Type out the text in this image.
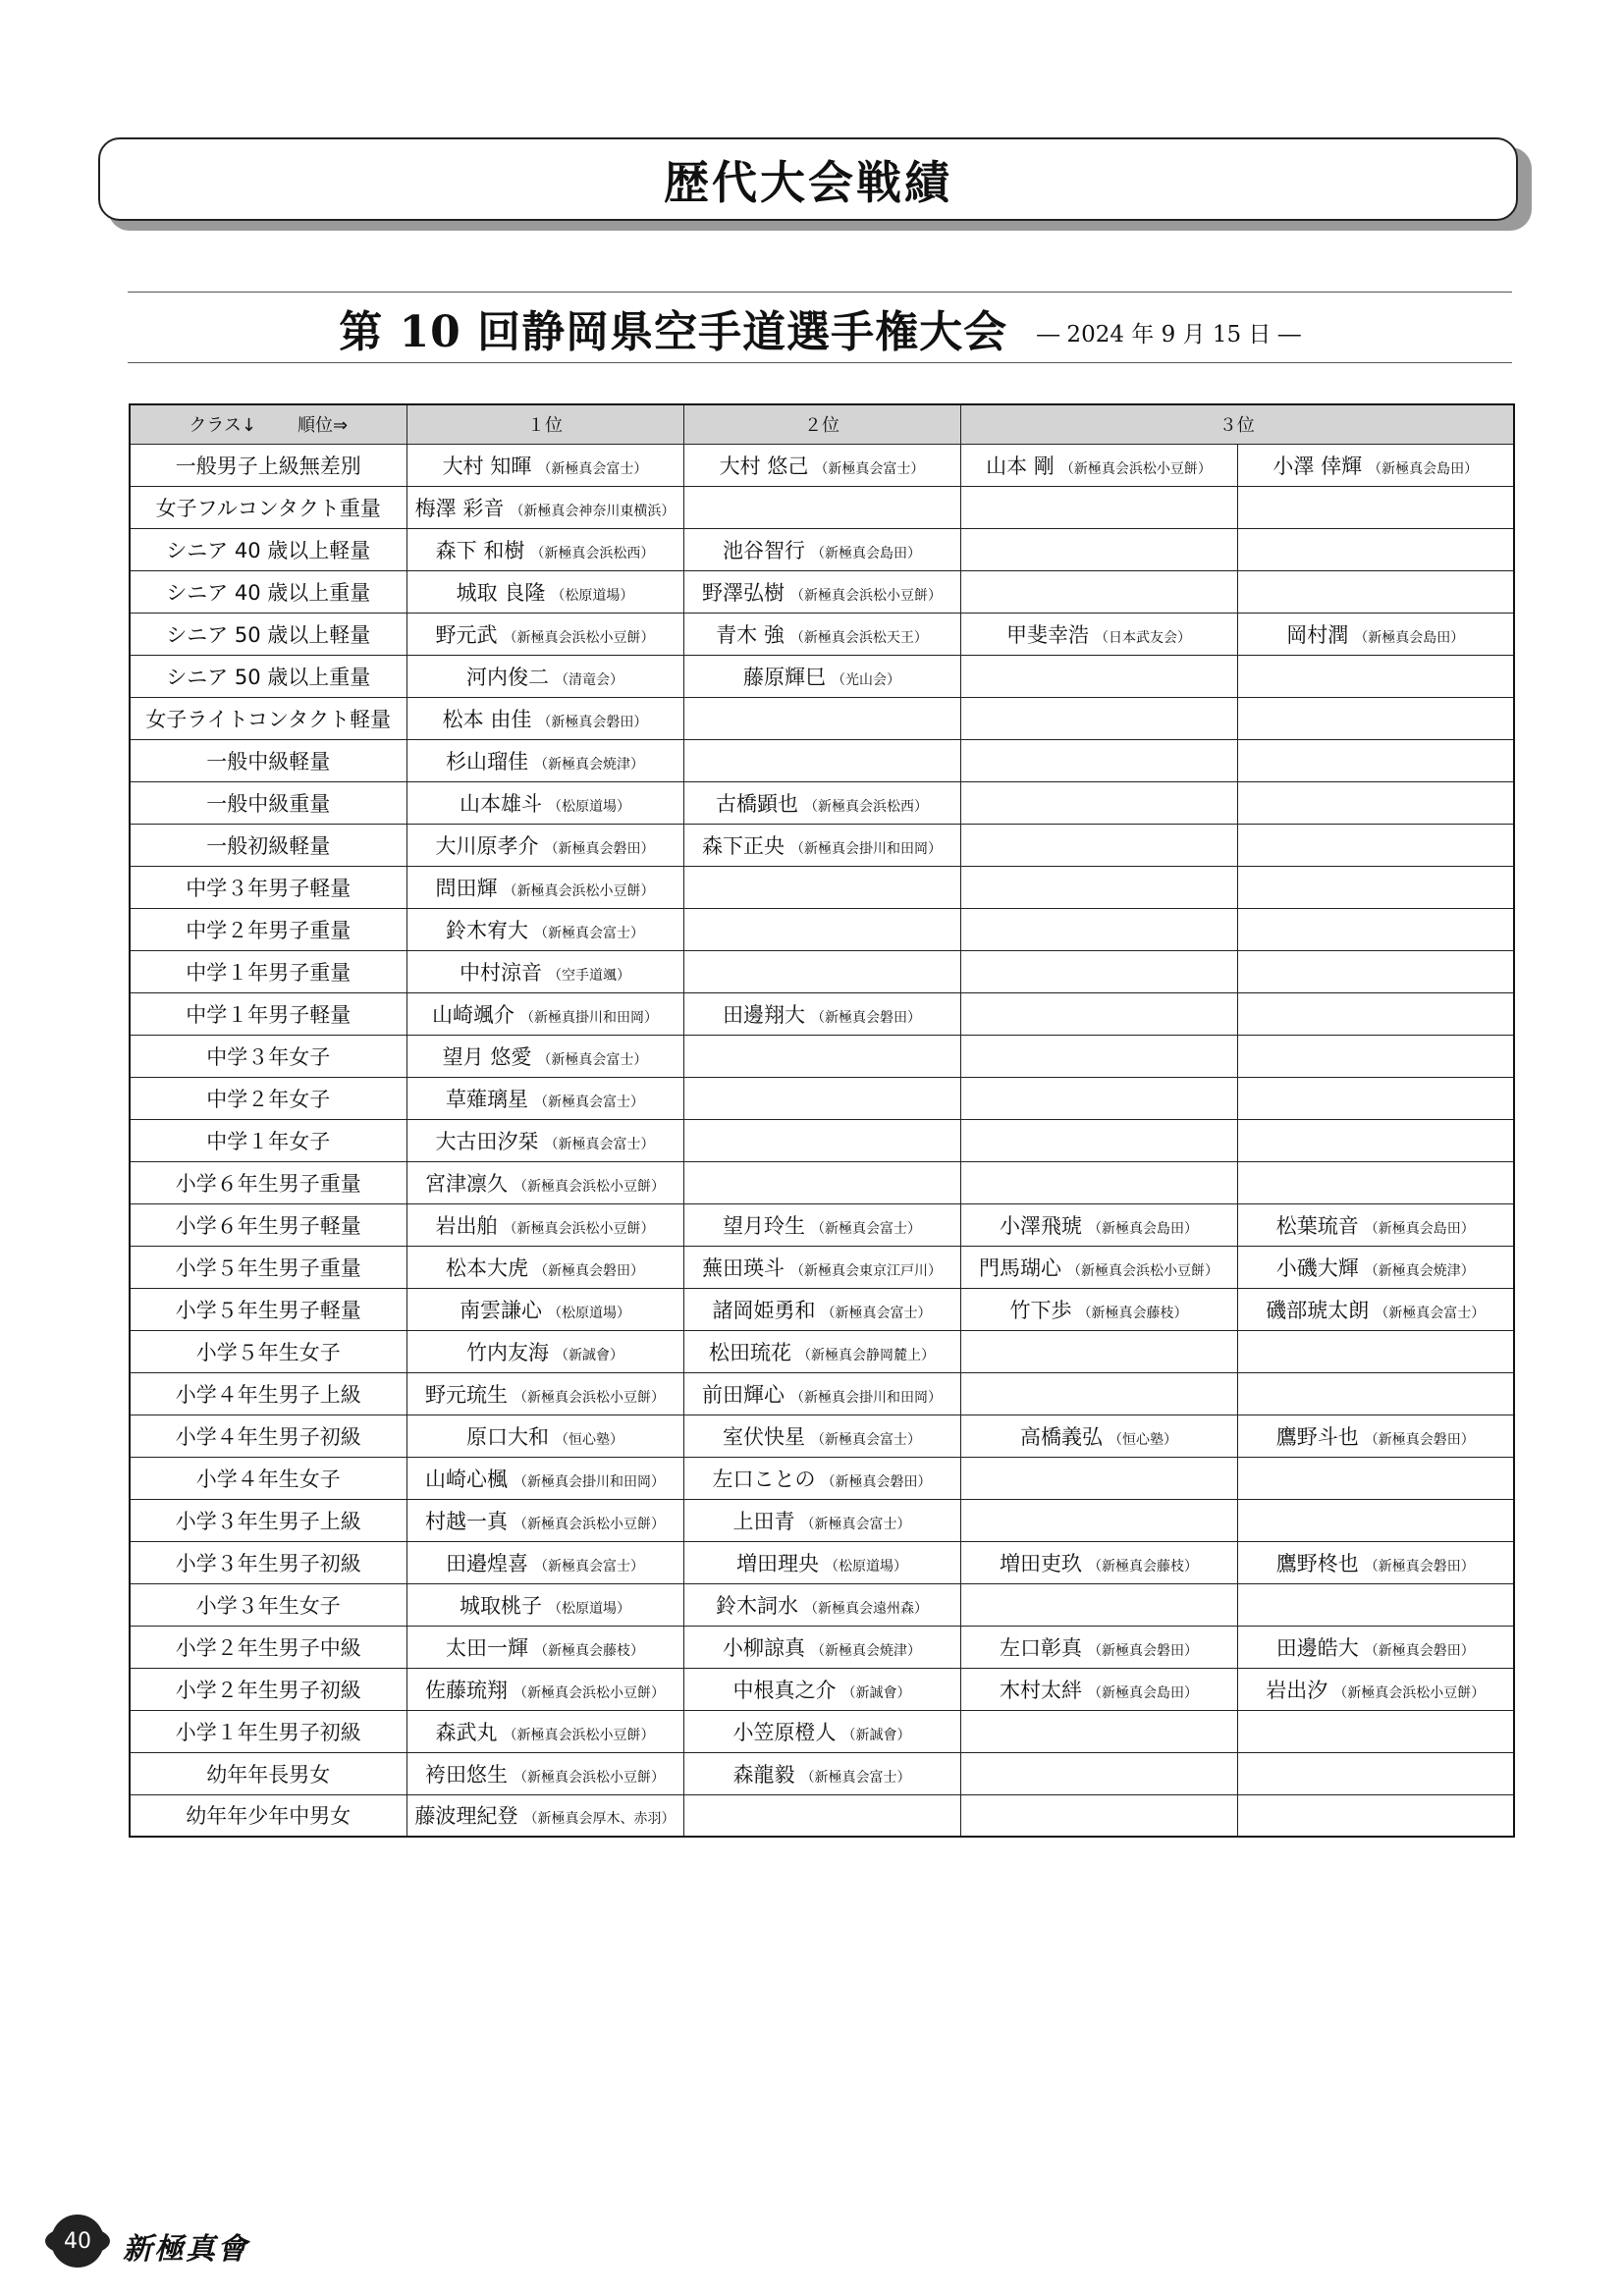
歴代大会戦績
第 10 回静岡県空手道選手権大会 ― 2024 年 9 月 15 日 ―
クラス↓ 順位⇒	１位	２位	３位	
一般男子上級無差別	大村 知暉 （新極真会富士）	大村 悠己 （新極真会富士）	山本 剛 （新極真会浜松小豆餅）	小澤 倖輝 （新極真会島田）
女子フルコンタクト重量	梅澤 彩音 （新極真会神奈川東横浜）			
シニア 40 歳以上軽量	森下 和樹 （新極真会浜松西）	池谷智行 （新極真会島田）		
シニア 40 歳以上重量	城取 良隆 （松原道場）	野澤弘樹 （新極真会浜松小豆餅）		
シニア 50 歳以上軽量	野元武 （新極真会浜松小豆餅）	青木 強 （新極真会浜松天王）	甲斐幸浩 （日本武友会）	岡村潤 （新極真会島田）
シニア 50 歳以上重量	河内俊二 （清竜会）	藤原輝巳 （光山会）		
女子ライトコンタクト軽量	松本 由佳 （新極真会磐田）			
一般中級軽量	杉山瑠佳 （新極真会焼津）			
一般中級重量	山本雄斗 （松原道場）	古橋顕也 （新極真会浜松西）		
一般初級軽量	大川原孝介 （新極真会磐田）	森下正央 （新極真会掛川和田岡）		
中学３年男子軽量	問田輝 （新極真会浜松小豆餅）			
中学２年男子重量	鈴木宥大 （新極真会富士）			
中学１年男子重量	中村涼音 （空手道颯）			
中学１年男子軽量	山崎颯介 （新極真掛川和田岡）	田邊翔大 （新極真会磐田）		
中学３年女子	望月 悠愛 （新極真会富士）			
中学２年女子	草薙璃星 （新極真会富士）			
中学１年女子	大古田汐栞 （新極真会富士）			
小学６年生男子重量	宮津凛久 （新極真会浜松小豆餅）			
小学６年生男子軽量	岩出舶 （新極真会浜松小豆餅）	望月玲生 （新極真会富士）	小澤飛琥 （新極真会島田）	松葉琉音 （新極真会島田）
小学５年生男子重量	松本大虎 （新極真会磐田）	蕪田瑛斗 （新極真会東京江戸川）	門馬瑚心 （新極真会浜松小豆餅）	小磯大輝 （新極真会焼津）
小学５年生男子軽量	南雲謙心 （松原道場）	諸岡姫勇和 （新極真会富士）	竹下歩 （新極真会藤枝）	磯部琥太朗 （新極真会富士）
小学５年生女子	竹内友海 （新誠會）	松田琉花 （新極真会静岡麓上）		
小学４年生男子上級	野元琉生 （新極真会浜松小豆餅）	前田輝心 （新極真会掛川和田岡）		
小学４年生男子初級	原口大和 （恒心塾）	室伏快星 （新極真会富士）	高橋義弘 （恒心塾）	鷹野斗也 （新極真会磐田）
小学４年生女子	山崎心楓 （新極真会掛川和田岡）	左口ことの （新極真会磐田）		
小学３年生男子上級	村越一真 （新極真会浜松小豆餅）	上田青 （新極真会富士）		
小学３年生男子初級	田邉煌喜 （新極真会富士）	増田理央 （松原道場）	増田吏玖 （新極真会藤枝）	鷹野柊也 （新極真会磐田）
小学３年生女子	城取桃子 （松原道場）	鈴木詞水 （新極真会遠州森）		
小学２年生男子中級	太田一輝 （新極真会藤枝）	小柳諒真 （新極真会焼津）	左口彰真 （新極真会磐田）	田邊皓大 （新極真会磐田）
小学２年生男子初級	佐藤琉翔 （新極真会浜松小豆餅）	中根真之介 （新誠會）	木村太絆 （新極真会島田）	岩出汐 （新極真会浜松小豆餅）
小学１年生男子初級	森武丸 （新極真会浜松小豆餅）	小笠原橙人 （新誠會）		
幼年年長男女	袴田悠生 （新極真会浜松小豆餅）	森龍毅 （新極真会富士）		
幼年年少年中男女	藤波理紀登 （新極真会厚木、赤羽）			
40 新極真會
